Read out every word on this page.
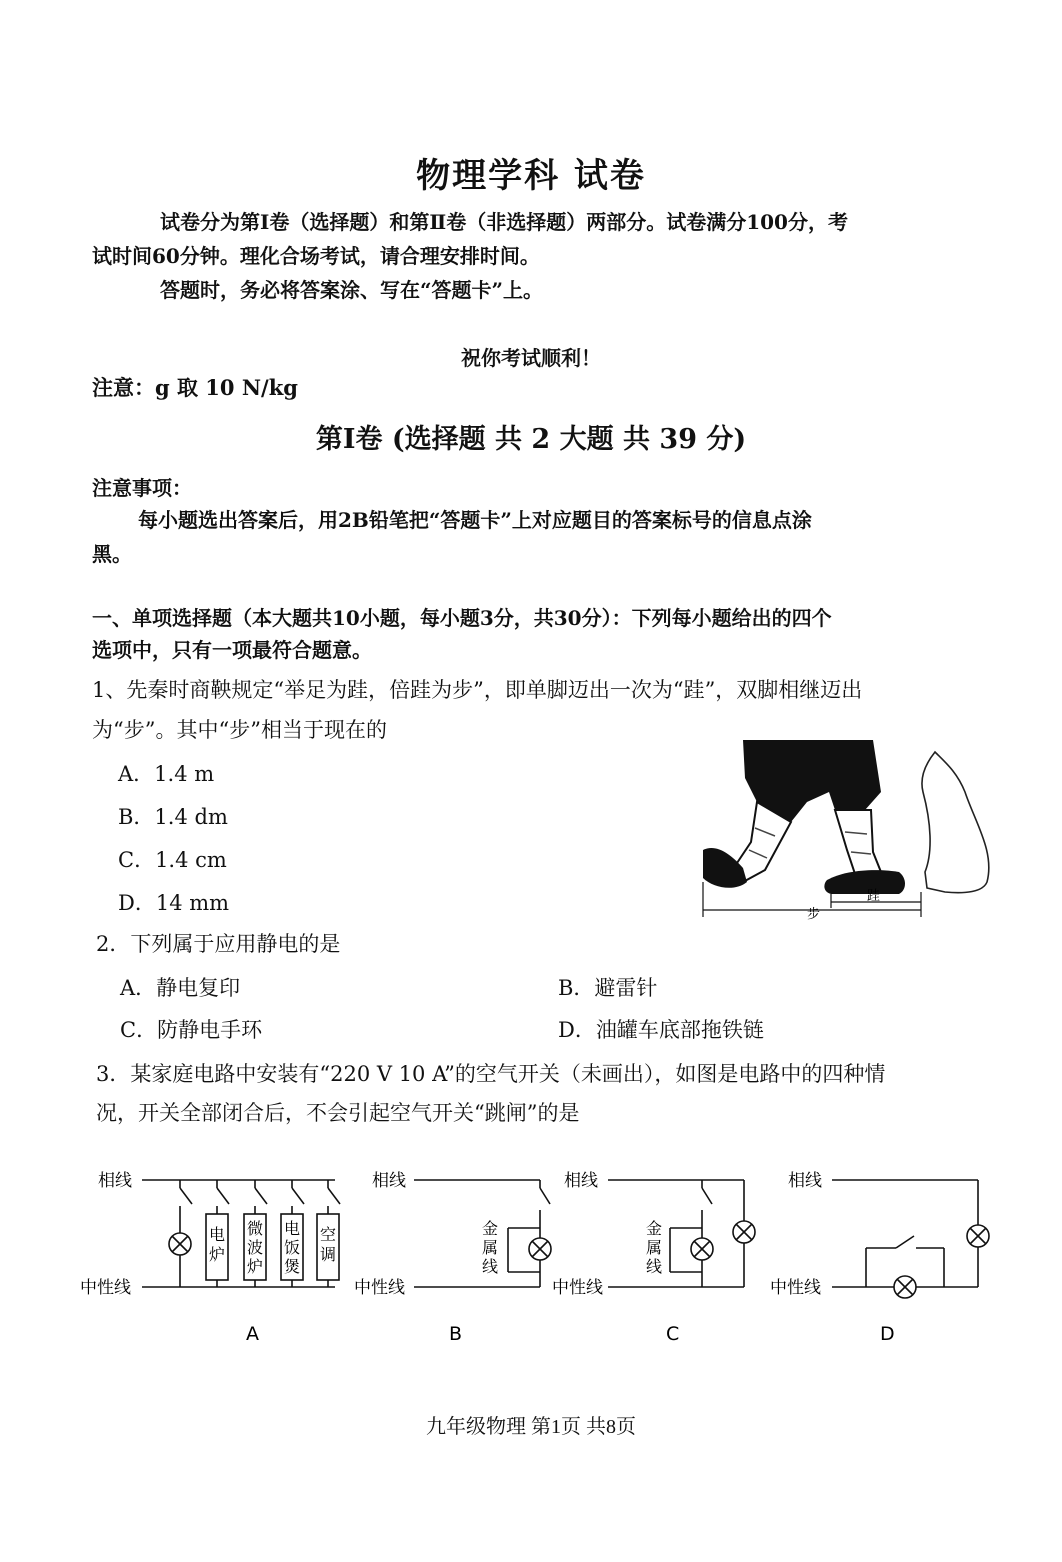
物理学科 试卷
试卷分为第Ⅰ卷（选择题）和第Ⅱ卷（非选择题）两部分。试卷满分100分，考
试时间60分钟。理化合场考试，请合理安排时间。
答题时，务必将答案涂、写在“答题卡”上。
祝你考试顺利！
注意：g 取 10 N/kg
第Ⅰ卷 (选择题 共 2 大题 共 39 分)
注意事项：
每小题选出答案后，用2B铅笔把“答题卡”上对应题目的答案标号的信息点涂
黑。
一、单项选择题（本大题共10小题，每小题3分，共30分）：下列每小题给出的四个
选项中，只有一项最符合题意。
1、先秦时商鞅规定“举足为跬，倍跬为步”，即单脚迈出一次为“跬”，双脚相继迈出
为“步”。其中“步”相当于现在的
A．1.4 m
B．1.4 dm
C．1.4 cm
D．14 mm	步
跬
2．下列属于应用静电的是
A．静电复印	B．避雷针
C．防静电手环	D．油罐车底部拖铁链
3．某家庭电路中安装有“220 V 10 A”的空气开关（未画出），如图是电路中的四种情
况，开关全部闭合后，不会引起空气开关“跳闸”的是
相线
中性线
电
炉
微
波
炉
电
饭
煲
空
调
A
相线
中性线
金
属
线
B
相线
中性线
金
属
线
C
相线
中性线
D
九年级物理 第1页 共8页
